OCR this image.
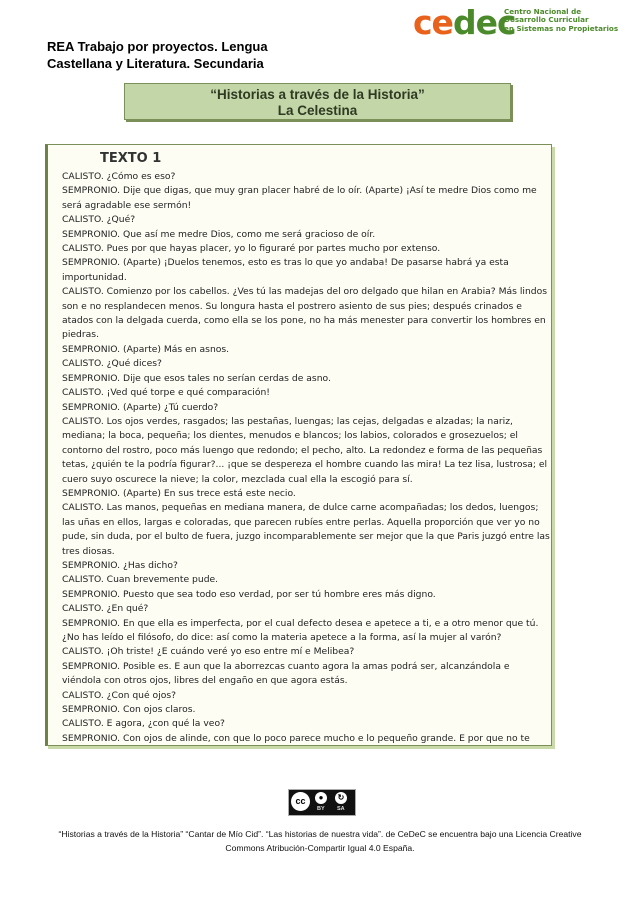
cedec
Centro Nacional de
Desarrollo Curricular
en Sistemas no Propietarios
REA Trabajo por proyectos. Lengua
Castellana y Literatura. Secundaria
“Historias a través de la Historia”
La Celestina
TEXTO 1

CALISTO. ¿Cómo es eso?

SEMPRONIO. Dije que digas, que muy gran placer habré de lo oír. (Aparte) ¡Así te medre Dios como me será agradable ese sermón!

CALISTO. ¿Qué?

SEMPRONIO. Que así me medre Dios, como me será gracioso de oír.

CALISTO. Pues por que hayas placer, yo lo figuraré por partes mucho por extenso.

SEMPRONIO. (Aparte) ¡Duelos tenemos, esto es tras lo que yo andaba! De pasarse habrá ya esta importunidad.

CALISTO. Comienzo por los cabellos. ¿Ves tú las madejas del oro delgado que hilan en Arabia? Más lindos son e no resplandecen menos. Su longura hasta el postrero asiento de sus pies; después crinados e atados con la delgada cuerda, como ella se los pone, no ha más menester para convertir los hombres en piedras.

SEMPRONIO. (Aparte) Más en asnos.

CALISTO. ¿Qué dices?

SEMPRONIO. Dije que esos tales no serían cerdas de asno.

CALISTO. ¡Ved qué torpe e qué comparación!

SEMPRONIO. (Aparte) ¿Tú cuerdo?

CALISTO. Los ojos verdes, rasgados; las pestañas, luengas; las cejas, delgadas e alzadas; la nariz, mediana; la boca, pequeña; los dientes, menudos e blancos; los labios, colorados e grosezuelos; el contorno del rostro, poco más luengo que redondo; el pecho, alto. La redondez e forma de las pequeñas tetas, ¿quién te la podría figurar?... ¡que se despereza el hombre cuando las mira! La tez lisa, lustrosa; el cuero suyo oscurece la nieve; la color, mezclada cual ella la escogió para sí.

SEMPRONIO. (Aparte) En sus trece está este necio.

CALISTO. Las manos, pequeñas en mediana manera, de dulce carne acompañadas; los dedos, luengos; las uñas en ellos, largas e coloradas, que parecen rubíes entre perlas. Aquella proporción que ver yo no pude, sin duda, por el bulto de fuera, juzgo incomparablemente ser mejor que la que Paris juzgó entre las tres diosas.

SEMPRONIO. ¿Has dicho?

CALISTO. Cuan brevemente pude.

SEMPRONIO. Puesto que sea todo eso verdad, por ser tú hombre eres más digno.

CALISTO. ¿En qué?

SEMPRONIO. En que ella es imperfecta, por el cual defecto desea e apetece a ti, e a otro menor que tú. ¿No has leído el filósofo, do dice: así como la materia apetece a la forma, así la mujer al varón?

CALISTO. ¡Oh triste! ¿E cuándo veré yo eso entre mí e Melibea?

SEMPRONIO. Posible es. E aun que la aborrezcas cuanto agora la amas podrá ser, alcanzándola e viéndola con otros ojos, libres del engaño en que agora estás.

CALISTO. ¿Con qué ojos?

SEMPRONIO. Con ojos claros.

CALISTO. E agora, ¿con qué la veo?

SEMPRONIO. Con ojos de alinde, con que lo poco parece mucho e lo pequeño grande. E por que no te

cc	●	↻
BY SA
“Historias a través de la Historia” “Cantar de Mío Cid”. “Las historias de nuestra vida”. de CeDeC se encuentra bajo una Licencia Creative
Commons Atribución-Compartir Igual 4.0 España.
